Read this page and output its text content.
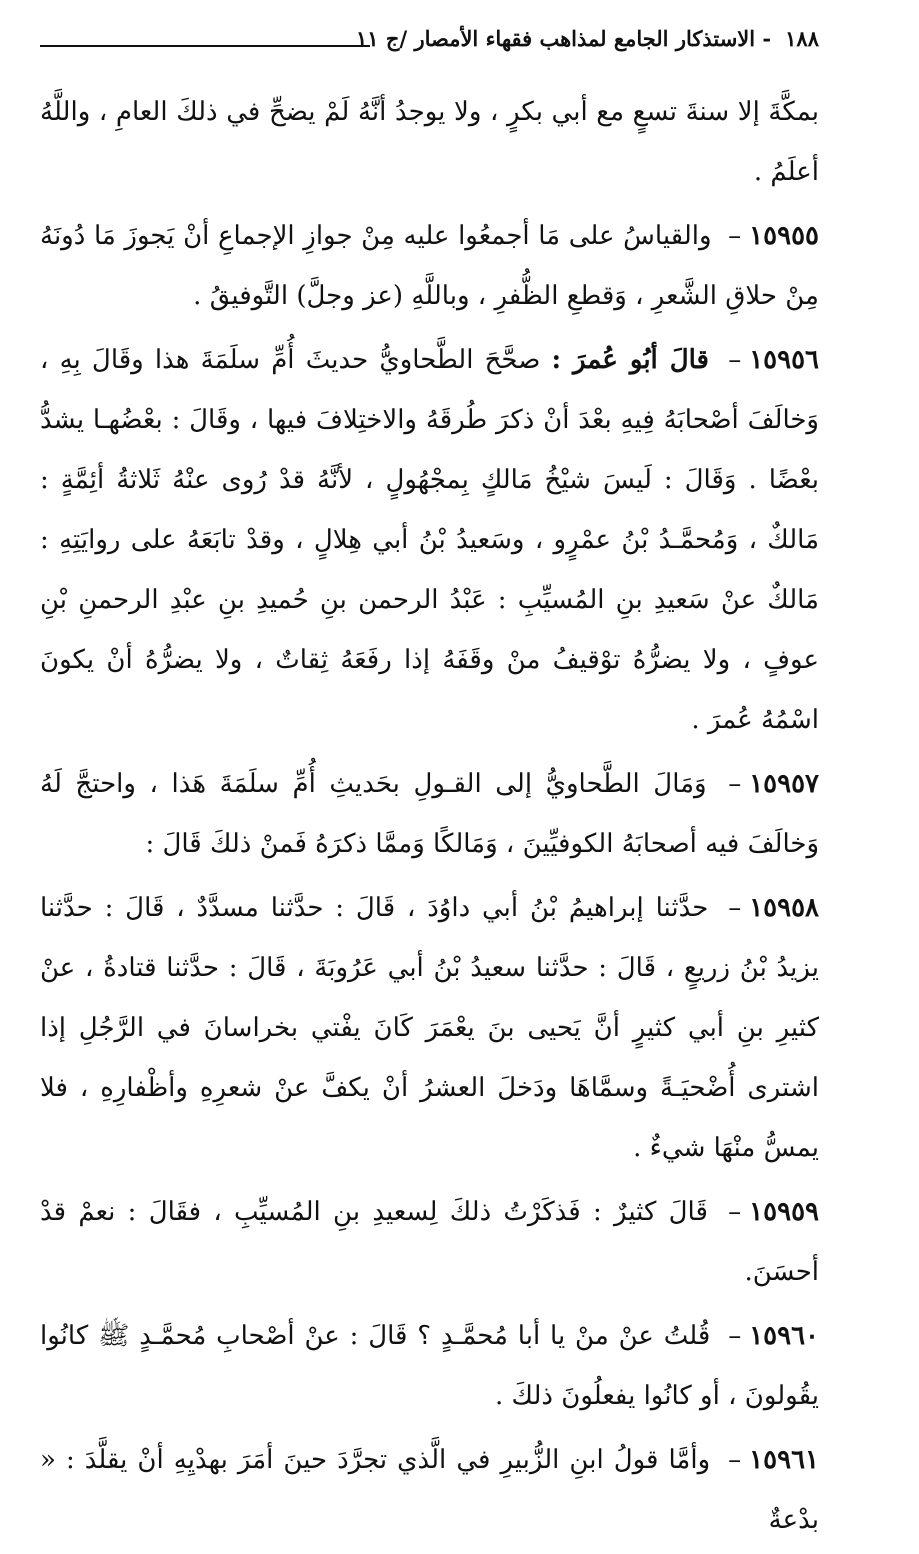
١٨٨
- الاستذكار الجامع لمذاهب فقهاء الأمصار /ج ١١

بمكَّةَ إلا سنةَ تسعٍ مع أبي بكرٍ ، ولا يوجدُ أنَّهُ لَمْ يضحِّ في ذلكَ العامِ ، واللَّهُ أعلَمُ .

١٥٩٥٥– والقياسُ على مَا أجمعُوا عليه مِنْ جوازِ الإجماعِ أنْ يَجوزَ مَا دُونَهُ مِنْ حلاقِ الشَّعرِ ، وَقطعِ الظُّفرِ ، وباللَّهِ (عز وجلَّ) التَّوفيقُ .

١٥٩٥٦– قالَ أبُو عُمرَ : صحَّحَ الطَّحاويُّ حديثَ أُمِّ سلَمَةَ هذا وقَالَ بِهِ ، وَخالَفَ أصْحابَهُ فِيهِ بعْدَ أنْ ذكرَ طُرقَهُ والاختِلافَ فيها ، وقَالَ : بعْضُهـا يشدُّ بعْضًا . وَقَالَ : لَيسَ شيْخُ مَالكٍ بِمجْهُولٍ ، لأنَّهُ قدْ رُوى عنْهُ ثَلاثةُ أئِمَّةٍ : مَالكٌ ، وَمُحمَّـدُ بْنُ عمْرٍو ، وسَعيدُ بْنُ أبي هِلالٍ ، وقدْ تابَعَهُ على روايَتِهِ : مَالكٌ عنْ سَعيدِ بنِ المُسيِّبِ : عَبْدُ الرحمن بنِ حُميدِ بنِ عبْدِ الرحمنِ بْنِ عوفٍ ، ولا يضرُّهُ توْقيفُ منْ وقَفَهُ إذا رفَعَهُ ثِقاتٌ ، ولا يضرُّهُ أنْ يكونَ اسْمُهُ عُمرَ .

١٥٩٥٧– وَمَالَ الطَّحاويُّ إلى القـولِ بحَديثِ أُمِّ سلَمَةَ هَذا ، واحتجَّ لَهُ وَخالَفَ فيه أصحابَهُ الكوفيِّينَ ، وَمَالكًا وَممَّا ذكرَهُ فَمنْ ذلكَ قَالَ :

١٥٩٥٨– حدَّثنا إبراهيمُ بْنُ أبي داوُدَ ، قَالَ : حدَّثنا مسدَّدٌ ، قَالَ : حدَّثنا يزيدُ بْنُ زريعٍ ، قَالَ : حدَّثنا سعيدُ بْنُ أبي عَرُوبَةَ ، قَالَ : حدَّثنا قتادةُ ، عنْ كثيرِ بنِ أبي كثيرٍ أنَّ يَحيى بنَ يعْمَرَ كَانَ يفْتي بخراسانَ في الرَّجُلِ إذا اشترى أُضْحيَـةً وسمَّاهَا ودَخلَ العشرُ أنْ يكفَّ عنْ شعرِهِ وأظْفارِهِ ، فلا يمسُّ منْهَا شيءٌ .

١٥٩٥٩– قَالَ كثيرٌ : فَذكَرْتُ ذلكَ لِسعيدِ بنِ المُسيِّبِ ، فقَالَ : نعمْ قدْ أحسَنَ.

١٥٩٦٠– قُلتُ عنْ منْ يا أبا مُحمَّـدٍ ؟ قَالَ : عنْ أصْحابِ مُحمَّـدٍ ﷺ كانُوا يقُولونَ ، أو كانُوا يفعلُونَ ذلكَ .

١٥٩٦١– وأمَّا قولُ ابنِ الزُّبيرِ في الَّذي تجرَّدَ حينَ أمَرَ بهدْيِهِ أنْ يقلَّدَ : « بدْعةٌ
